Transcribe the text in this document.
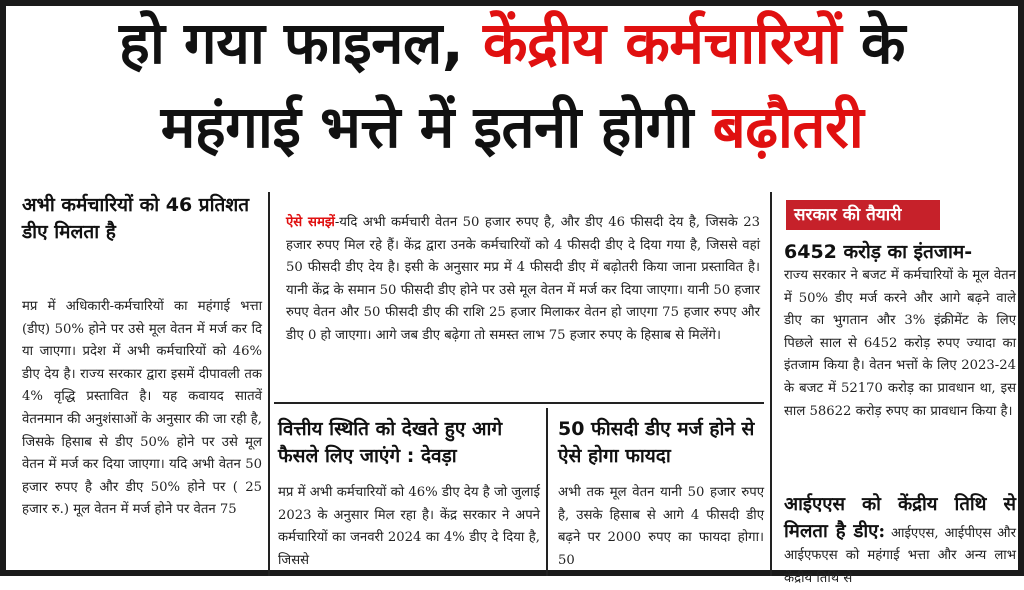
हो गया फाइनल, केंद्रीय कर्मचारियों के
महंगाई भत्ते में इतनी होगी बढ़ौतरी
अभी कर्मचारियों को 46 प्रतिशत डीए मिलता है
मप्र में अधिकारी-कर्मचारियों का महंगाई भत्ता (डीए) 50% होने पर उसे मूल वेतन में मर्ज कर दि या जाएगा। प्रदेश में अभी कर्मचारियों को 46% डीए देय है। राज्य सरकार द्वारा इसमें दीपावली तक 4% वृद्धि प्रस्तावित है। यह कवायद सातवें वेतनमान की अनुशंसाओं के अनुसार की जा रही है, जिसके हिसाब से डीए 50% होने पर उसे मूल वेतन में मर्ज कर दिया जाएगा। यदि अभी वेतन 50 हजार रुपए है और डीए 50% होने पर ( 25 हजार रु.) मूल वेतन में मर्ज होने पर वेतन 75
ऐसे समझें-यदि अभी कर्मचारी वेतन 50 हजार रुपए है, और डीए 46 फीसदी देय है, जिसके 23 हजार रुपए मिल रहे हैं। केंद्र द्वारा उनके कर्मचारियों को 4 फीसदी डीए दे दिया गया है, जिससे वहां 50 फीसदी डीए देय है। इसी के अनुसार मप्र में 4 फीसदी डीए में बढ़ोतरी किया जाना प्रस्तावित है। यानी केंद्र के समान 50 फीसदी डीए होने पर उसे मूल वेतन में मर्ज कर दिया जाएगा। यानी 50 हजार रुपए वेतन और 50 फीसदी डीए की राशि 25 हजार मिलाकर वेतन हो जाएगा 75 हजार रुपए और डीए 0 हो जाएगा। आगे जब डीए बढ़ेगा तो समस्त लाभ 75 हजार रुपए के हिसाब से मिलेंगे।
वित्तीय स्थिति को देखते हुए आगे फैसले लिए जाएंगे : देवड़ा
मप्र में अभी कर्मचारियों को 46% डीए देय है जो जुलाई 2023 के अनुसार मिल रहा है। केंद्र सरकार ने अपने कर्मचारियों का जनवरी 2024 का 4% डीए दे दिया है, जिससे
50 फीसदी डीए मर्ज होने से ऐसे होगा फायदा
अभी तक मूल वेतन यानी 50 हजार रुपए है, उसके हिसाब से आगे 4 फीसदी डीए बढ़ने पर 2000 रुपए का फायदा होगा। 50
सरकार की तैयारी
6452 करोड़ का इंतजाम-
राज्य सरकार ने बजट में कर्मचारियों के मूल वेतन में 50% डीए मर्ज करने और आगे बढ़ने वाले डीए का भुगतान और 3% इंक्रीमेंट के लिए पिछले साल से 6452 करोड़ रुपए ज्यादा का इंतजाम किया है। वेतन भत्तों के लिए 2023-24 के बजट में 52170 करोड़ का प्रावधान था, इस साल 58622 करोड़ रुपए का प्रावधान किया है।
आईएएस को केंद्रीय तिथि से मिलता है डीए: आईएएस, आईपीएस और आईएफएस को महंगाई भत्ता और अन्य लाभ केंद्रीय तिथि से
